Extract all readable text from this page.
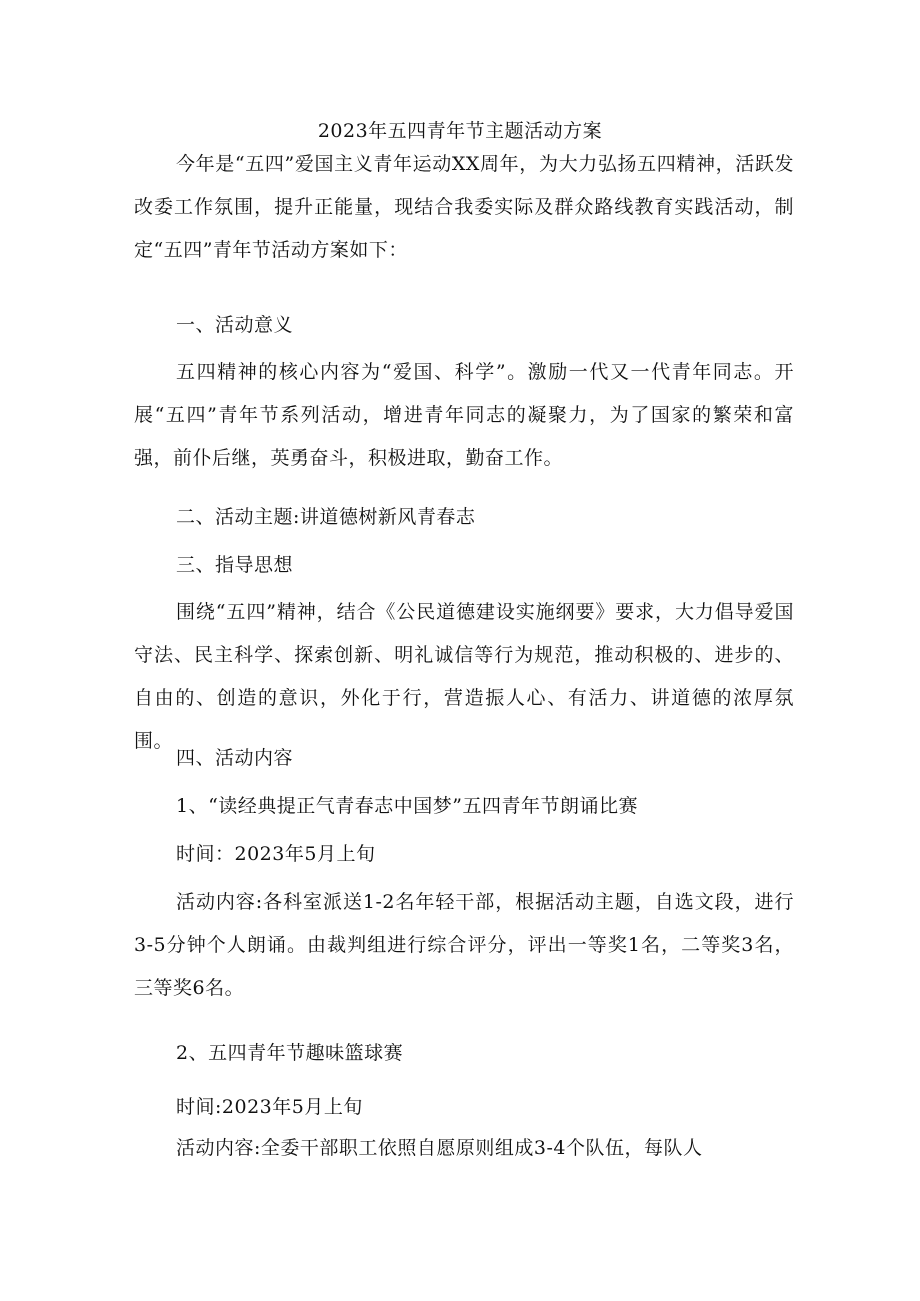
2023年五四青年节主题活动方案

今年是“五四”爱国主义青年运动XX周年，为大力弘扬五四精神，活跃发改委工作氛围，提升正能量，现结合我委实际及群众路线教育实践活动，制定“五四”青年节活动方案如下：

一、活动意义

五四精神的核心内容为“爱国、科学”。激励一代又一代青年同志。开展“五四”青年节系列活动，增进青年同志的凝聚力，为了国家的繁荣和富强，前仆后继，英勇奋斗，积极进取，勤奋工作。

二、活动主题:讲道德树新风青春志

三、指导思想

围绕“五四”精神，结合《公民道德建设实施纲要》要求，大力倡导爱国守法、民主科学、探索创新、明礼诚信等行为规范，推动积极的、进步的、自由的、创造的意识，外化于行，营造振人心、有活力、讲道德的浓厚氛围。

四、活动内容

1、“读经典提正气青春志中国梦”五四青年节朗诵比赛

时间：2023年5月上旬

活动内容:各科室派送1-2名年轻干部，根据活动主题，自选文段，进行3-5分钟个人朗诵。由裁判组进行综合评分，评出一等奖1名，二等奖3名，三等奖6名。

2、五四青年节趣味篮球赛

时间:2023年5月上旬

活动内容:全委干部职工依照自愿原则组成3-4个队伍，每队人
